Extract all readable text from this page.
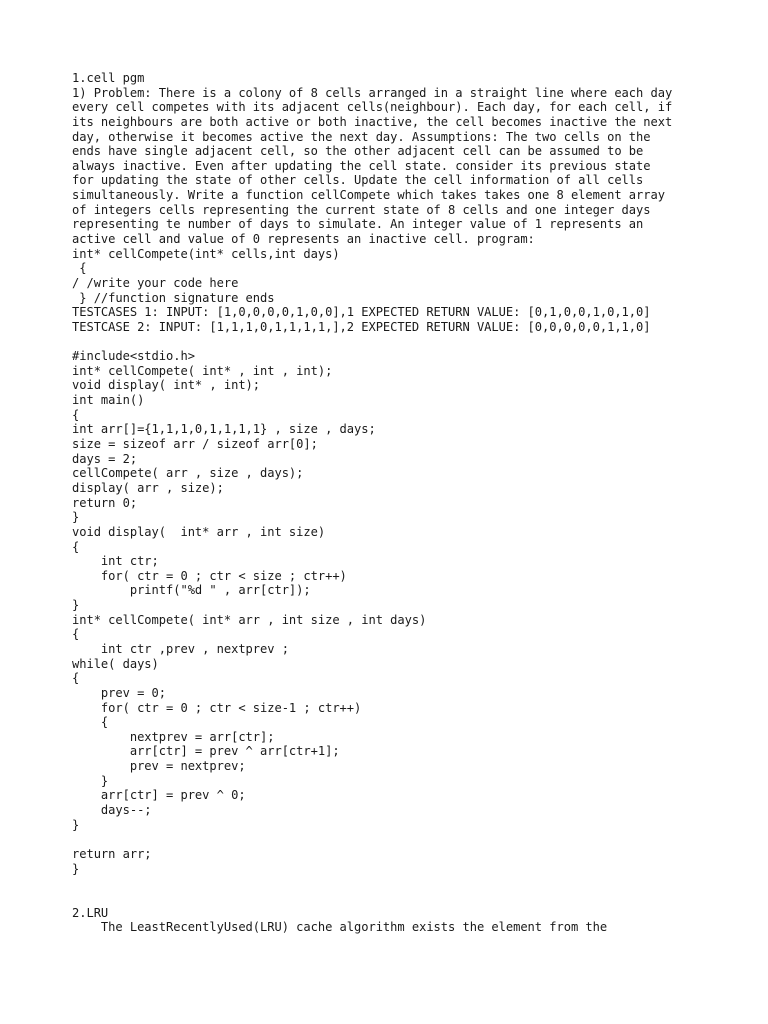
1.cell pgm
1) Problem: There is a colony of 8 cells arranged in a straight line where each day
every cell competes with its adjacent cells(neighbour). Each day, for each cell, if
its neighbours are both active or both inactive, the cell becomes inactive the next
day, otherwise it becomes active the next day. Assumptions: The two cells on the
ends have single adjacent cell, so the other adjacent cell can be assumed to be
always inactive. Even after updating the cell state. consider its previous state
for updating the state of other cells. Update the cell information of all cells
simultaneously. Write a function cellCompete which takes takes one 8 element array
of integers cells representing the current state of 8 cells and one integer days
representing te number of days to simulate. An integer value of 1 represents an
active cell and value of 0 represents an inactive cell. program:
int* cellCompete(int* cells,int days)
{
/ /write your code here
} //function signature ends
TESTCASES 1: INPUT: [1,0,0,0,0,1,0,0],1 EXPECTED RETURN VALUE: [0,1,0,0,1,0,1,0]
TESTCASE 2: INPUT: [1,1,1,0,1,1,1,1,],2 EXPECTED RETURN VALUE: [0,0,0,0,0,1,1,0]
#include<stdio.h>
int* cellCompete( int* , int , int);
void display( int* , int);
int main()
{
int arr[]={1,1,1,0,1,1,1,1} , size , days;
size = sizeof arr / sizeof arr[0];
days = 2;
cellCompete( arr , size , days);
display( arr , size);
return 0;
}
void display(  int* arr , int size)
{
int ctr;
for( ctr = 0 ; ctr < size ; ctr++)
printf("%d " , arr[ctr]);
}
int* cellCompete( int* arr , int size , int days)
{
int ctr ,prev , nextprev ;
while( days)
{
prev = 0;
for( ctr = 0 ; ctr < size-1 ; ctr++)
{
nextprev = arr[ctr];
arr[ctr] = prev ^ arr[ctr+1];
prev = nextprev;
}
arr[ctr] = prev ^ 0;
days--;
}
return arr;
}
2.LRU
The LeastRecentlyUsed(LRU) cache algorithm exists the element from the
